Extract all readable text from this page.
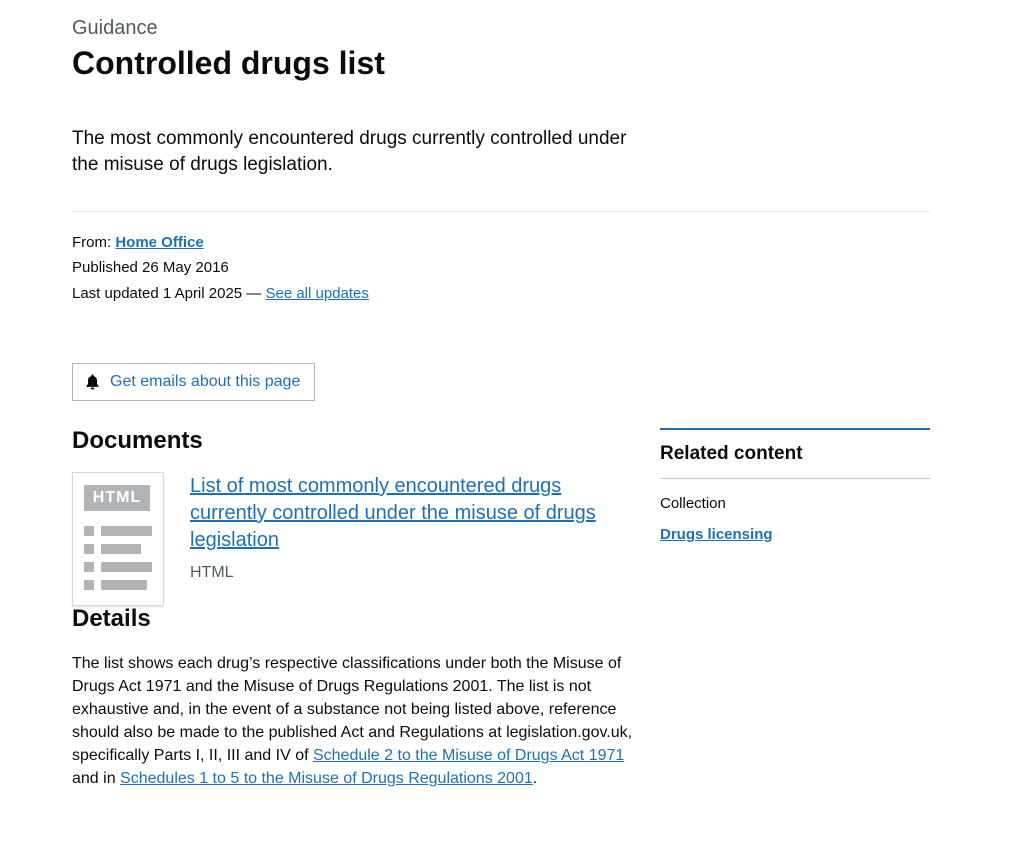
Guidance

Controlled drugs list

The most commonly encountered drugs currently controlled under the misuse of drugs legislation.

From: Home Office
Published 26 May 2016
Last updated 1 April 2025 — See all updates
Get emails about this page
Documents
HTML
List of most commonly encountered drugs currently controlled under the misuse of drugs legislation
HTML
Details

The list shows each drug’s respective classifications under both the Misuse of Drugs Act 1971 and the Misuse of Drugs Regulations 2001. The list is not exhaustive and, in the event of a substance not being listed above, reference should also be made to the published Act and Regulations at legislation.gov.uk, specifically Parts I, II, III and IV of Schedule 2 to the Misuse of Drugs Act 1971 and in Schedules 1 to 5 to the Misuse of Drugs Regulations 2001.

Related content
Collection
Drugs licensing
